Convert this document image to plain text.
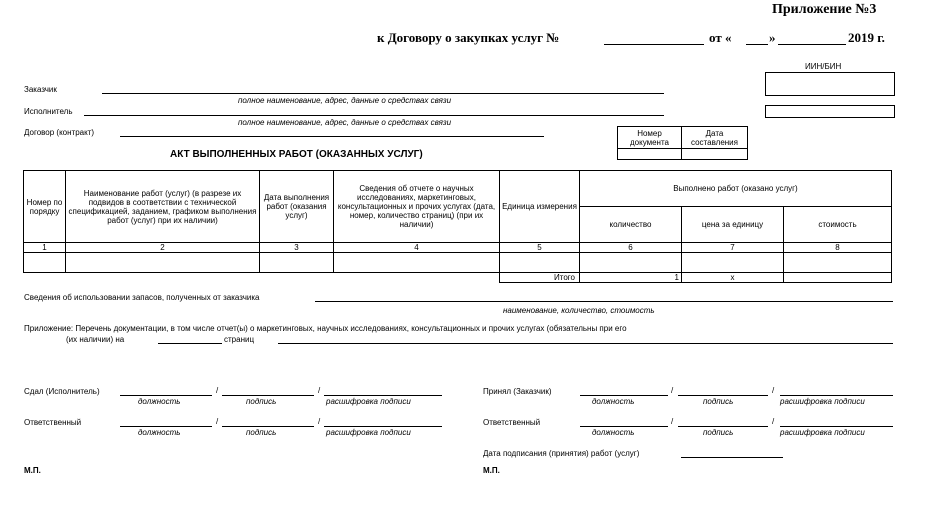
Приложение №3
к Договору о закупках услуг №	от «	»	2019 г.
ИИН/БИН
Заказчик
полное наименование, адрес, данные о средствах связи
Исполнитель
полное наименование, адрес, данные о средствах связи
Договор (контракт)	Номер документа	Дата составления

АКТ ВЫПОЛНЕННЫХ РАБОТ (ОКАЗАННЫХ УСЛУГ)
Номер по порядку	Наименование работ (услуг) (в разрезе их подвидов в соответствии с технической спецификацией, заданием, графиком выполнения работ (услуг) при их наличии)	Дата выполнения работ (оказания услуг)	Сведения об отчете о научных исследованиях, маркетинговых, консультационных и прочих услугах (дата, номер, количество страниц) (при их наличии)	Единица измерения	Выполнено работ (оказано услуг)		
					количество	цена за единицу	стоимость
1	2	3	4	5	6	7	8

				Итого	1	x	
Сведения об использовании запасов, полученных от заказчика
наименование, количество, стоимость
Приложение: Перечень документации, в том числе отчет(ы) о маркетинговых, научных исследованиях, консультационных и прочих услугах (обязательны при его
(их наличии) на	страниц
Сдал (Исполнитель)	/	/
должность	подпись	расшифровка подписи
Ответственный	/	/
должность	подпись	расшифровка подписи
М.П.
Принял (Заказчик)	/	/
должность	подпись	расшифровка подписи
Ответственный	/	/
должность	подпись	расшифровка подписи
Дата подписания (принятия) работ (услуг)
М.П.
